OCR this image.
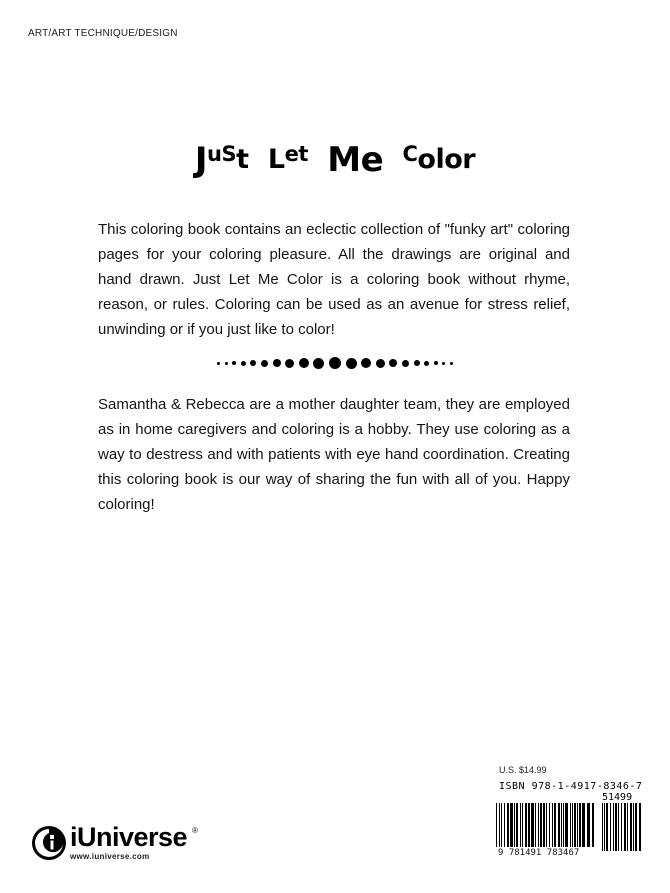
ART/ART TECHNIQUE/DESIGN
JuSt Let Me Color

This coloring book contains an eclectic collection of "funky art" coloring pages for your coloring pleasure. All the drawings are original and hand drawn. Just Let Me Color is a coloring book without rhyme, reason, or rules. Coloring can be used as an avenue for stress relief, unwinding or if you just like to color!

Samantha & Rebecca are a mother daughter team, they are employed as in home caregivers and coloring is a hobby. They use coloring as a way to destress and with patients with eye hand coordination. Creating this coloring book is our way of sharing the fun with all of you. Happy coloring!

U.S. $14.99
ISBN 978-1-4917-8346-7
51499
9 781491 783467
iUniverse ®
www.iuniverse.com
